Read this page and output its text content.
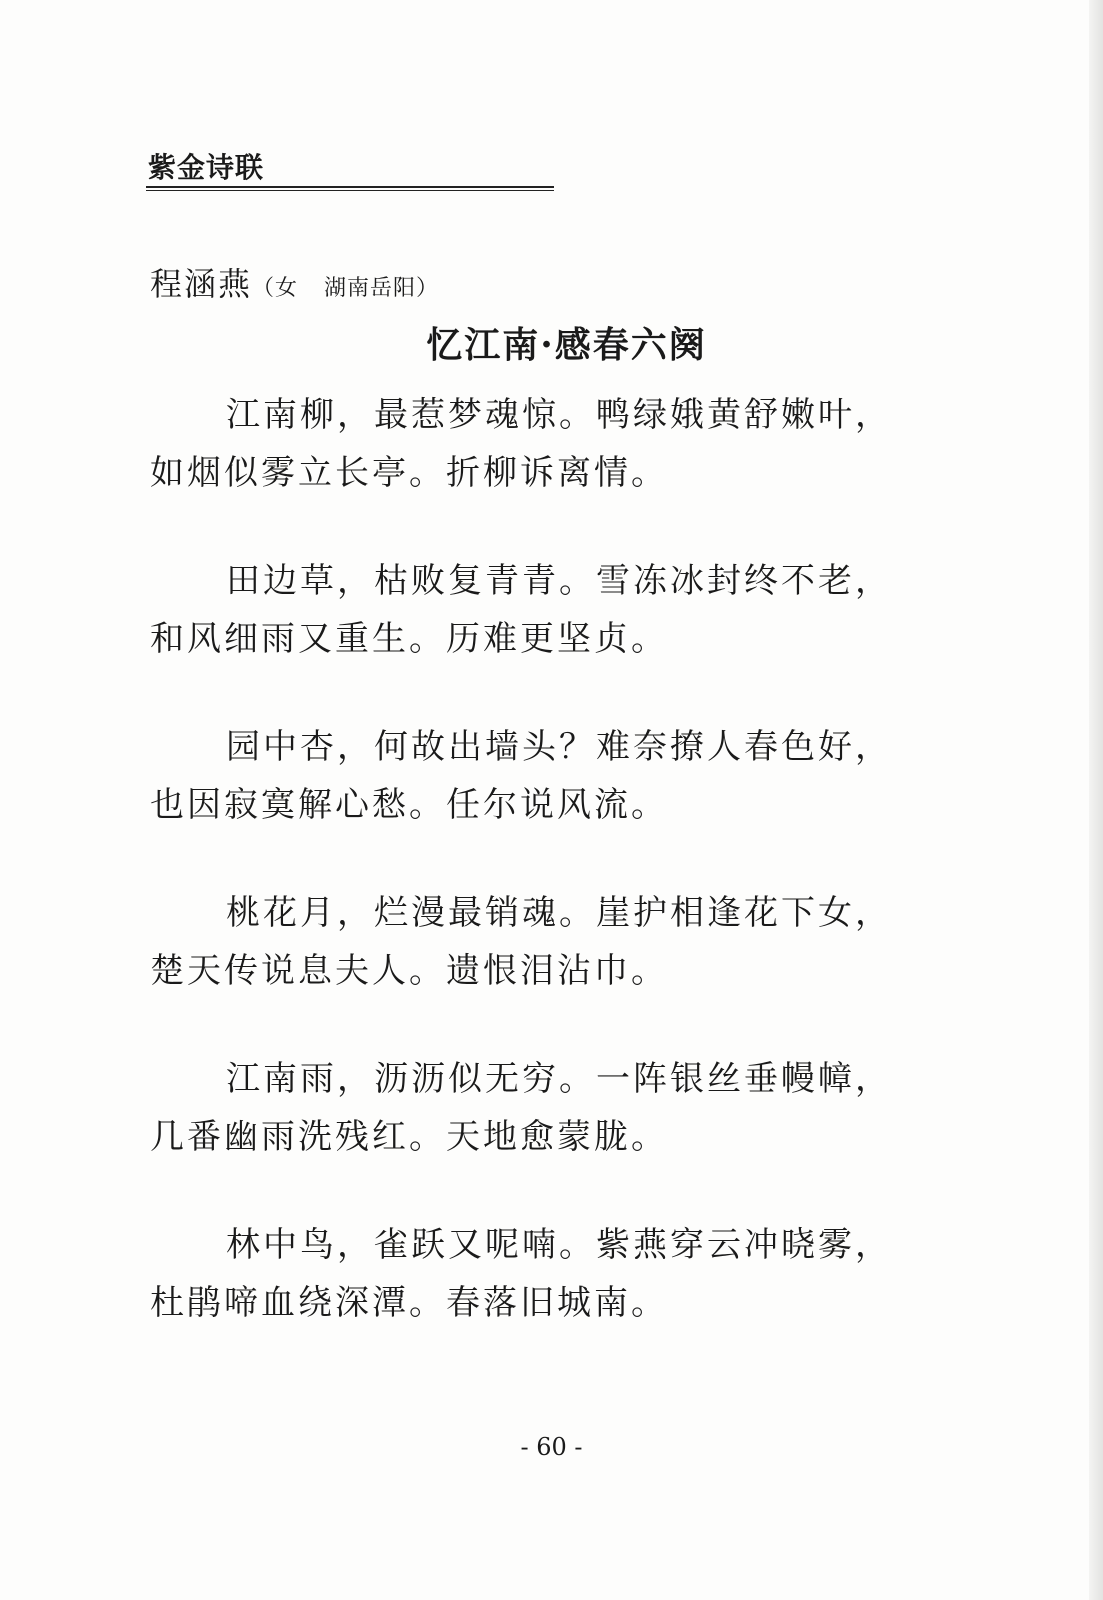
紫金诗联
程涵燕（女 湖南岳阳）
忆江南·感春六阕
江南柳，最惹梦魂惊。鸭绿娥黄舒嫩叶，
如烟似雾立长亭。折柳诉离情。
田边草，枯败复青青。雪冻冰封终不老，
和风细雨又重生。历难更坚贞。
园中杏，何故出墙头？难奈撩人春色好，
也因寂寞解心愁。任尔说风流。
桃花月，烂漫最销魂。崖护相逢花下女，
楚天传说息夫人。遗恨泪沾巾。
江南雨，沥沥似无穷。一阵银丝垂幔幛，
几番幽雨洗残红。天地愈蒙胧。
林中鸟，雀跃又呢喃。紫燕穿云冲晓雾，
杜鹃啼血绕深潭。春落旧城南。
- 60 -
